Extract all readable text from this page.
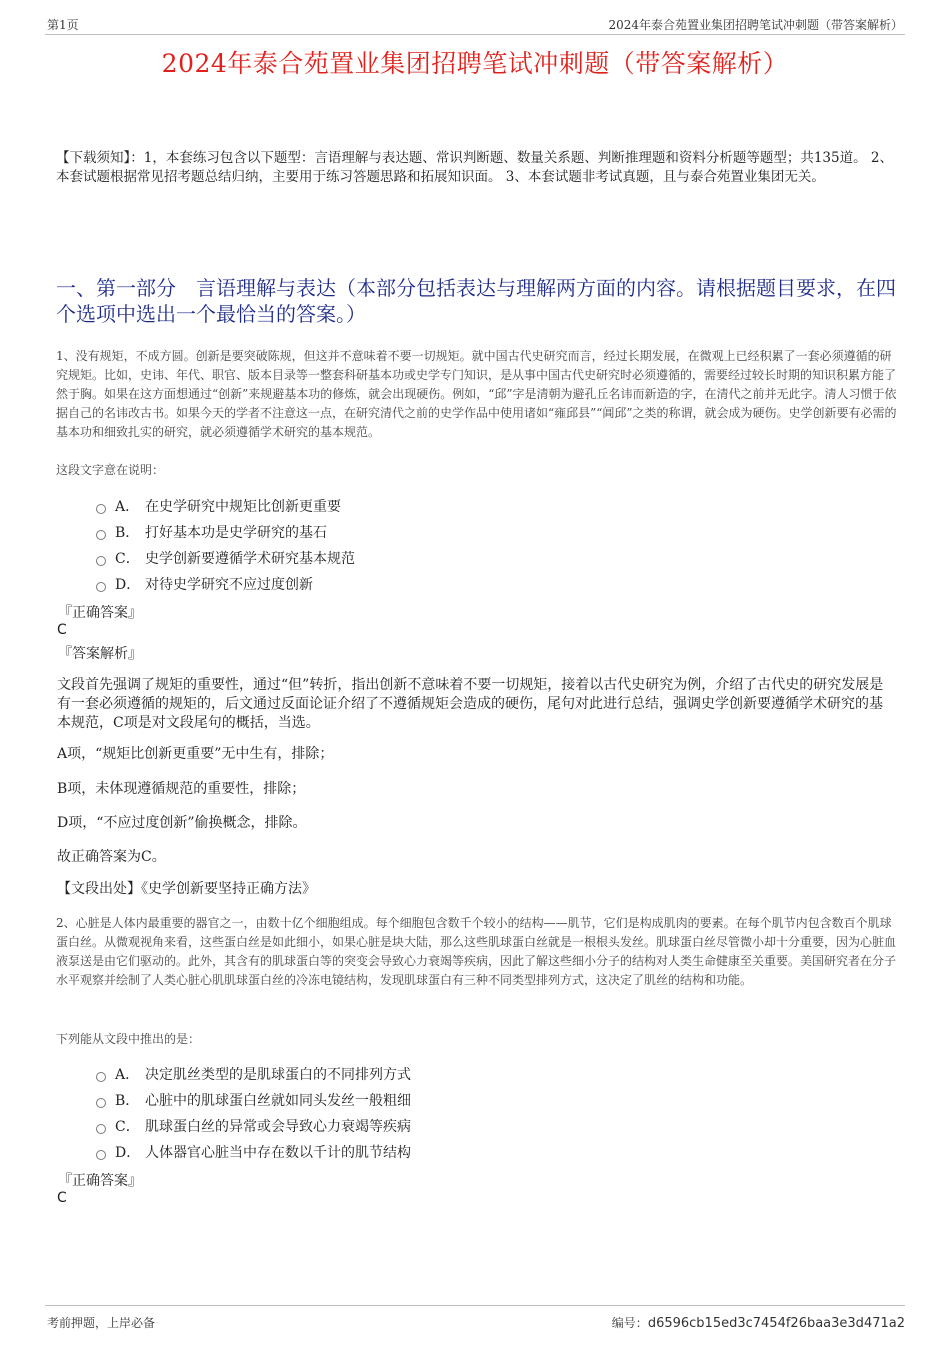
第1页	2024年泰合苑置业集团招聘笔试冲刺题（带答案解析）
2024年泰合苑置业集团招聘笔试冲刺题（带答案解析）
【下载须知】：1，本套练习包含以下题型：言语理解与表达题、常识判断题、数量关系题、判断推理题和资料分析题等题型；共135道。 2、本套试题根据常见招考题总结归纳，主要用于练习答题思路和拓展知识面。 3、本套试题非考试真题，且与泰合苑置业集团无关。
一、第一部分　言语理解与表达（本部分包括表达与理解两方面的内容。请根据题目要求，在四个选项中选出一个最恰当的答案。）
1、没有规矩，不成方圆。创新是要突破陈规，但这并不意味着不要一切规矩。就中国古代史研究而言，经过长期发展，在微观上已经积累了一套必须遵循的研究规矩。比如，史讳、年代、职官、版本目录等一整套科研基本功或史学专门知识，是从事中国古代史研究时必须遵循的，需要经过较长时期的知识积累方能了然于胸。如果在这方面想通过“创新”来规避基本功的修炼，就会出现硬伤。例如，“邱”字是清朝为避孔丘名讳而新造的字，在清代之前并无此字。清人习惯于依据自己的名讳改古书。如果今天的学者不注意这一点，在研究清代之前的史学作品中使用诸如“雍邱县”“阊邱”之类的称谓，就会成为硬伤。史学创新要有必需的基本功和细致扎实的研究，就必须遵循学术研究的基本规范。
这段文字意在说明：
A． 在史学研究中规矩比创新更重要
B． 打好基本功是史学研究的基石
C． 史学创新要遵循学术研究基本规范
D． 对待史学研究不应过度创新
『正确答案』
C
『答案解析』
文段首先强调了规矩的重要性，通过“但”转折，指出创新不意味着不要一切规矩，接着以古代史研究为例，介绍了古代史的研究发展是有一套必须遵循的规矩的，后文通过反面论证介绍了不遵循规矩会造成的硬伤，尾句对此进行总结，强调史学创新要遵循学术研究的基本规范，C项是对文段尾句的概括，当选。
A项，“规矩比创新更重要”无中生有，排除；
B项，未体现遵循规范的重要性，排除；
D项，“不应过度创新”偷换概念，排除。
故正确答案为C。
【文段出处】《史学创新要坚持正确方法》
2、心脏是人体内最重要的器官之一，由数十亿个细胞组成。每个细胞包含数千个较小的结构——肌节，它们是构成肌肉的要素。在每个肌节内包含数百个肌球蛋白丝。从微观视角来看，这些蛋白丝是如此细小，如果心脏是块大陆，那么这些肌球蛋白丝就是一根根头发丝。肌球蛋白丝尽管微小却十分重要，因为心脏血液泵送是由它们驱动的。此外，其含有的肌球蛋白等的突变会导致心力衰竭等疾病，因此了解这些细小分子的结构对人类生命健康至关重要。美国研究者在分子水平观察并绘制了人类心脏心肌肌球蛋白丝的冷冻电镜结构，发现肌球蛋白有三种不同类型排列方式，这决定了肌丝的结构和功能。
下列能从文段中推出的是：
A． 决定肌丝类型的是肌球蛋白的不同排列方式
B． 心脏中的肌球蛋白丝就如同头发丝一般粗细
C． 肌球蛋白丝的异常或会导致心力衰竭等疾病
D． 人体器官心脏当中存在数以千计的肌节结构
『正确答案』
C
考前押题，上岸必备	编号：d6596cb15ed3c7454f26baa3e3d471a2
